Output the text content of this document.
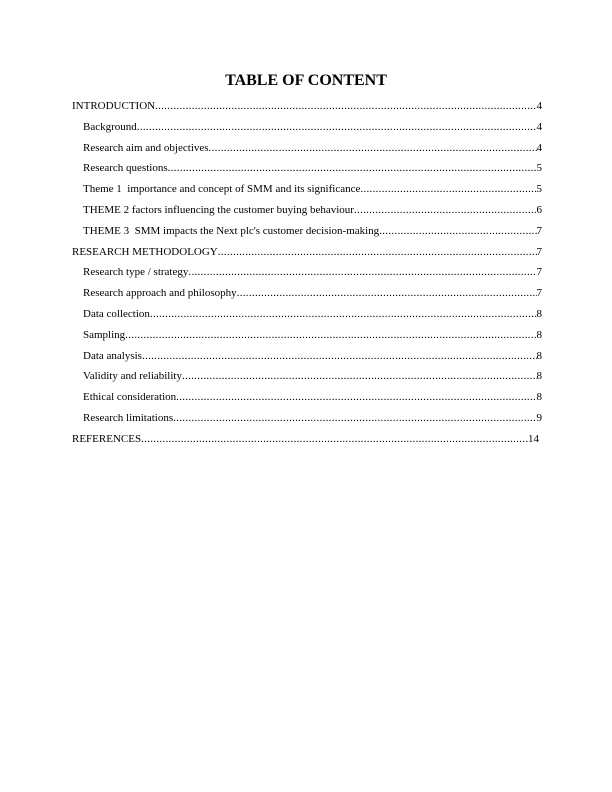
TABLE OF CONTENT
INTRODUCTION .....	4
Background .....	4
Research aim and objectives .....	4
Research questions .....	5
Theme 1  importance and concept of SMM and its significance .....	5
THEME 2 factors influencing the customer buying behaviour .....	6
THEME 3  SMM impacts the Next plc's customer decision-making .....	7
RESEARCH METHODOLOGY .....	7
Research type / strategy .....	7
Research approach and philosophy .....	7
Data collection .....	8
Sampling .....	8
Data analysis .....	8
Validity and reliability .....	8
Ethical consideration .....	8
Research limitations .....	9
REFERENCES .....	14
